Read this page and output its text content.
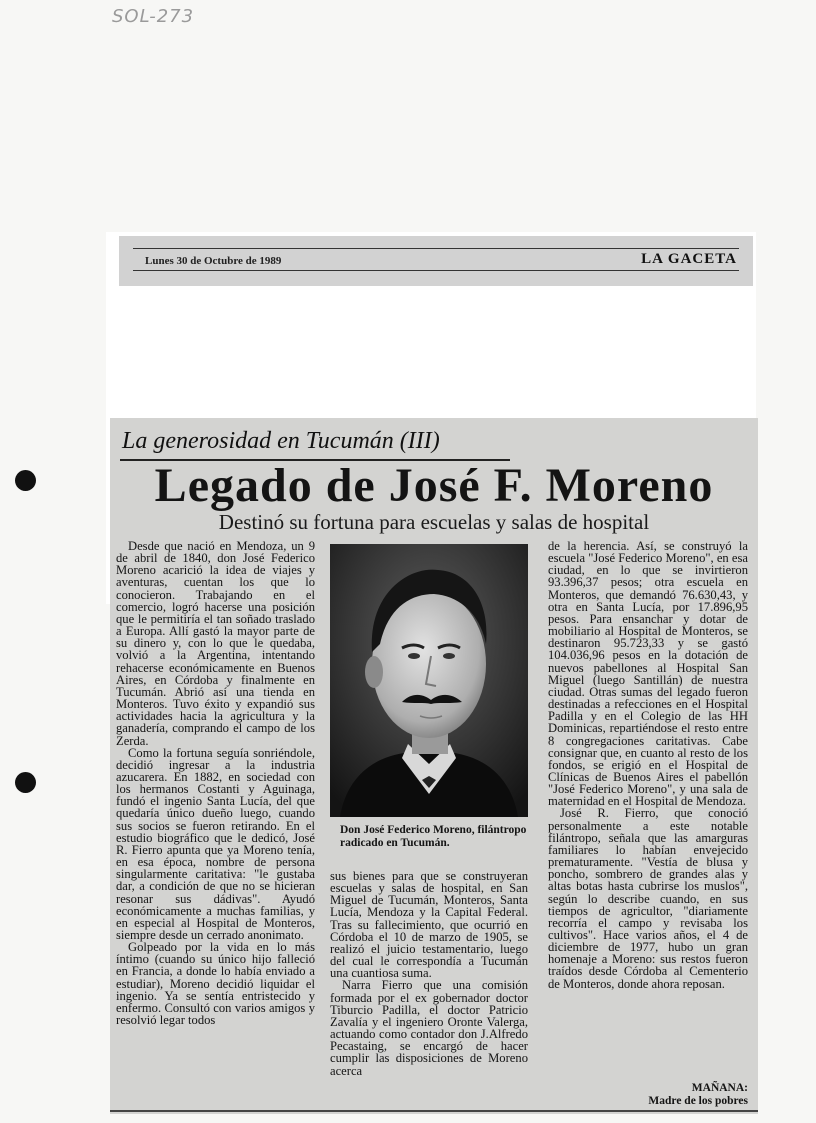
SOL-273
Lunes 30 de Octubre de 1989	LA GACETA
La generosidad en Tucumán (III)
Legado de José F. Moreno
Destinó su fortuna para escuelas y salas de hospital

Desde que nació en Mendoza, un 9 de abril de 1840, don José Federico Moreno acarició la idea de viajes y aventuras, cuentan los que lo conocieron. Trabajando en el comercio, logró hacerse una posición que le permitiría el tan soñado traslado a Europa. Allí gastó la mayor parte de su dinero y, con lo que le quedaba, volvió a la Argentina, intentando rehacerse económicamente en Buenos Aires, en Córdoba y finalmente en Tucumán. Abrió así una tienda en Monteros. Tuvo éxito y expandió sus actividades hacia la agricultura y la ganadería, comprando el campo de los Zerda.

Como la fortuna seguía sonriéndole, decidió ingresar a la industria azucarera. En 1882, en sociedad con los hermanos Costanti y Aguinaga, fundó el ingenio Santa Lucía, del que quedaría único dueño luego, cuando sus socios se fueron retirando. En el estudio biográfico que le dedicó, José R. Fierro apunta que ya Moreno tenía, en esa época, nombre de persona singularmente caritativa: "le gustaba dar, a condición de que no se hicieran resonar sus dádivas". Ayudó económicamente a muchas familias, y en especial al Hospital de Monteros, siempre desde un cerrado anonimato.

Golpeado por la vida en lo más íntimo (cuando su único hijo falleció en Francia, a donde lo había enviado a estudiar), Moreno decidió liquidar el ingenio. Ya se sentía entristecido y enfermo. Consultó con varios amigos y resolvió legar todos

Don José Federico Moreno, filántropo radicado en Tucumán.

sus bienes para que se construyeran escuelas y salas de hospital, en San Miguel de Tucumán, Monteros, Santa Lucía, Mendoza y la Capital Federal. Tras su fallecimiento, que ocurrió en Córdoba el 10 de marzo de 1905, se realizó el juicio testamentario, luego del cual le correspondía a Tucumán una cuantiosa suma.

Narra Fierro que una comisión formada por el ex gobernador doctor Tiburcio Padilla, el doctor Patricio Zavalía y el ingeniero Oronte Valerga, actuando como contador don J.Alfredo Pecastaing, se encargó de hacer cumplir las disposiciones de Moreno acerca

de la herencia. Así, se construyó la escuela "José Federico Moreno", en esa ciudad, en lo que se invirtieron 93.396,37 pesos; otra escuela en Monteros, que demandó 76.630,43, y otra en Santa Lucía, por 17.896,95 pesos. Para ensanchar y dotar de mobiliario al Hospital de Monteros, se destinaron 95.723,33 y se gastó 104.036,96 pesos en la dotación de nuevos pabellones al Hospital San Miguel (luego Santillán) de nuestra ciudad. Otras sumas del legado fueron destinadas a refecciones en el Hospital Padilla y en el Colegio de las HH Dominicas, repartiéndose el resto entre 8 congregaciones caritativas. Cabe consignar que, en cuanto al resto de los fondos, se erigió en el Hospital de Clínicas de Buenos Aires el pabellón "José Federico Moreno", y una sala de maternidad en el Hospital de Mendoza.

José R. Fierro, que conoció personalmente a este notable filántropo, señala que las amarguras familiares lo habían envejecido prematuramente. "Vestía de blusa y poncho, sombrero de grandes alas y altas botas hasta cubrirse los muslos", según lo describe cuando, en sus tiempos de agricultor, "diariamente recorría el campo y revisaba los cultivos". Hace varios años, el 4 de diciembre de 1977, hubo un gran homenaje a Moreno: sus restos fueron traídos desde Córdoba al Cementerio de Monteros, donde ahora reposan.

MAÑANA:
Madre de los pobres
